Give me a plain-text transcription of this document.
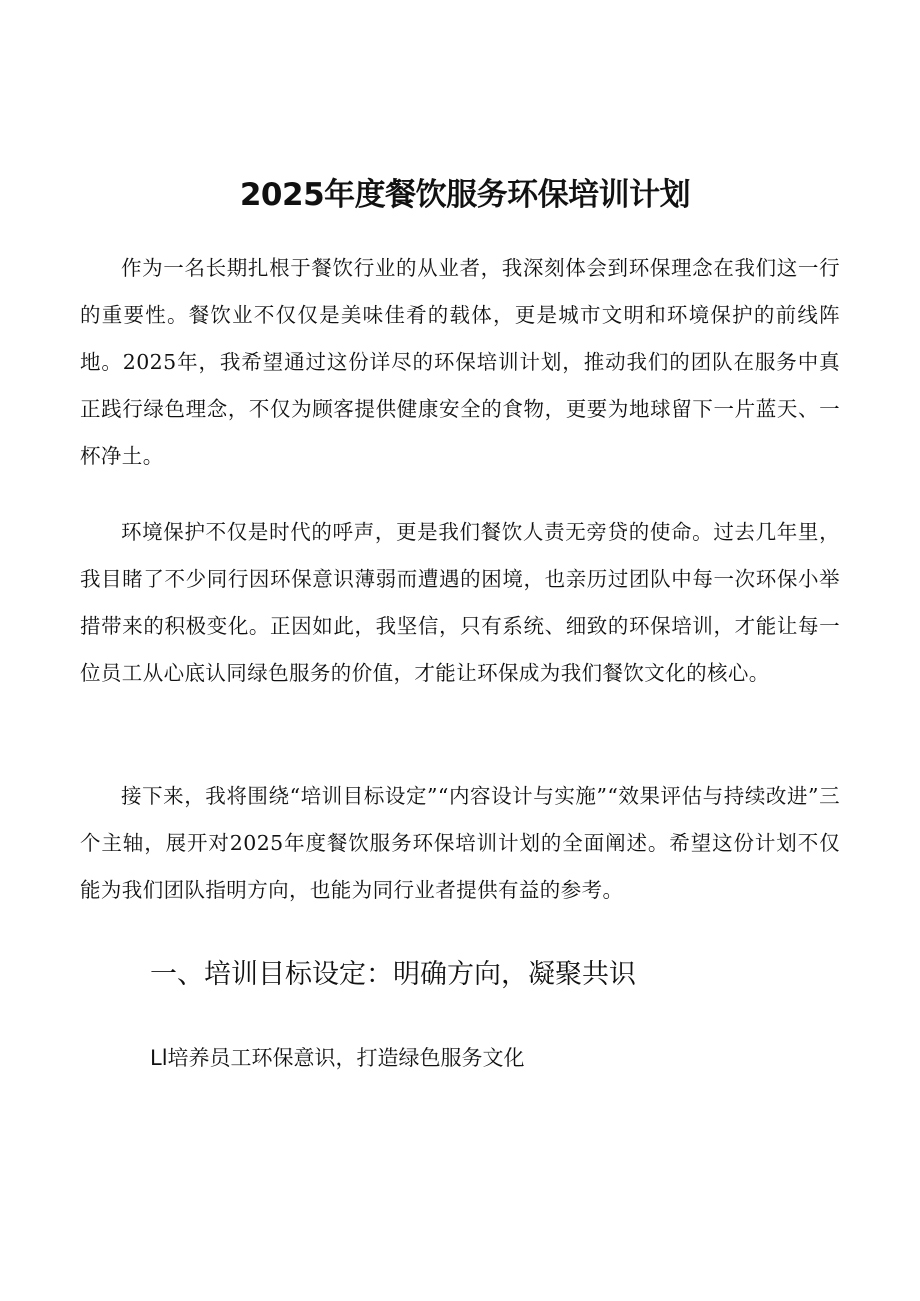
2025年度餐饮服务环保培训计划

作为一名长期扎根于餐饮行业的从业者，我深刻体会到环保理念在我们这一行的重要性。餐饮业不仅仅是美味佳肴的载体，更是城市文明和环境保护的前线阵地。2025年，我希望通过这份详尽的环保培训计划，推动我们的团队在服务中真正践行绿色理念，不仅为顾客提供健康安全的食物，更要为地球留下一片蓝天、一杯净土。

环境保护不仅是时代的呼声，更是我们餐饮人责无旁贷的使命。过去几年里，我目睹了不少同行因环保意识薄弱而遭遇的困境，也亲历过团队中每一次环保小举措带来的积极变化。正因如此，我坚信，只有系统、细致的环保培训，才能让每一位员工从心底认同绿色服务的价值，才能让环保成为我们餐饮文化的核心。

接下来，我将围绕“培训目标设定”“内容设计与实施”“效果评估与持续改进”三个主轴，展开对2025年度餐饮服务环保培训计划的全面阐述。希望这份计划不仅能为我们团队指明方向，也能为同行业者提供有益的参考。

一、培训目标设定：明确方向，凝聚共识
Ll培养员工环保意识，打造绿色服务文化
